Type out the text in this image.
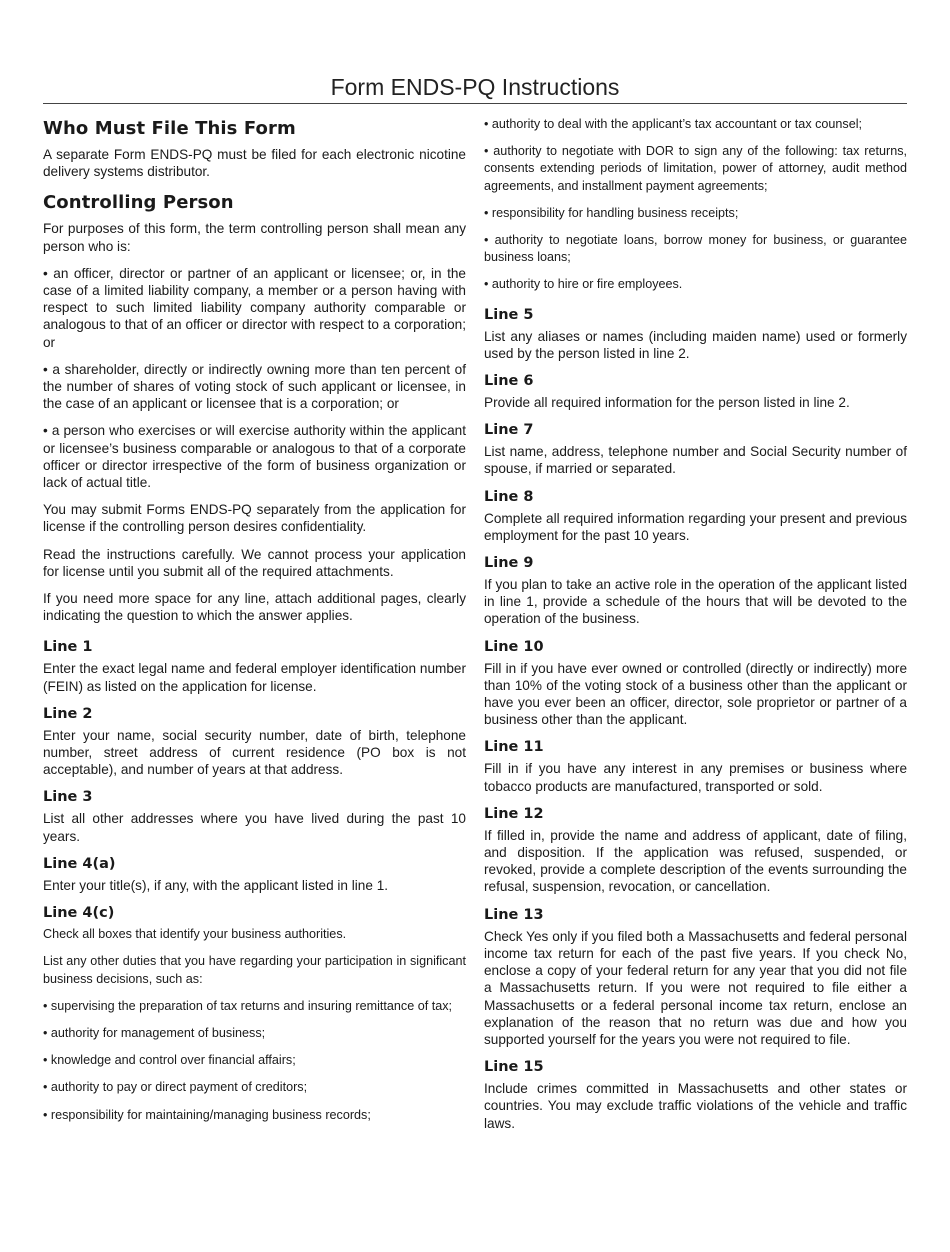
Form ENDS-PQ Instructions
Who Must File This Form

A separate Form ENDS-PQ must be filed for each electronic nicotine delivery systems distributor.

Controlling Person

For purposes of this form, the term controlling person shall mean any person who is:

• an officer, director or partner of an applicant or licensee; or, in the case of a limited liability company, a member or a person having with respect to such limited liability company authority comparable or analogous to that of an officer or director with respect to a corporation; or

• a shareholder, directly or indirectly owning more than ten percent of the number of shares of voting stock of such applicant or licensee, in the case of an applicant or licensee that is a corporation; or

• a person who exercises or will exercise authority within the applicant or licensee’s business comparable or analogous to that of a corporate officer or director irrespective of the form of business organization or lack of actual title.

You may submit Forms ENDS-PQ separately from the application for license if the controlling person desires confidentiality.

Read the instructions carefully. We cannot process your application for license until you submit all of the required attachments.

If you need more space for any line, attach additional pages, clearly indicating the question to which the answer applies.

Line 1

Enter the exact legal name and federal employer identification number (FEIN) as listed on the application for license.

Line 2

Enter your name, social security number, date of birth, telephone number, street address of current residence (PO box is not acceptable), and number of years at that address.

Line 3

List all other addresses where you have lived during the past 10 years.

Line 4(a)

Enter your title(s), if any, with the applicant listed in line 1.

Line 4(c)

Check all boxes that identify your business authorities.

List any other duties that you have regarding your participation in significant business decisions, such as:

• supervising the preparation of tax returns and insuring remittance of tax;

• authority for management of business;

• knowledge and control over financial affairs;

• authority to pay or direct payment of creditors;

• responsibility for maintaining/managing business records;

• authority to deal with the applicant’s tax accountant or tax counsel;

• authority to negotiate with DOR to sign any of the following: tax returns, consents extending periods of limitation, power of attorney, audit method agreements, and installment payment agreements;

• responsibility for handling business receipts;

• authority to negotiate loans, borrow money for business, or guarantee business loans;

• authority to hire or fire employees.

Line 5

List any aliases or names (including maiden name) used or formerly used by the person listed in line 2.

Line 6

Provide all required information for the person listed in line 2.

Line 7

List name, address, telephone number and Social Security number of spouse, if married or separated.

Line 8

Complete all required information regarding your present and previous employment for the past 10 years.

Line 9

If you plan to take an active role in the operation of the applicant listed in line 1, provide a schedule of the hours that will be devoted to the operation of the business.

Line 10

Fill in if you have ever owned or controlled (directly or indirectly) more than 10% of the voting stock of a business other than the applicant or have you ever been an officer, director, sole proprietor or partner of a business other than the applicant.

Line 11

Fill in if you have any interest in any premises or business where tobacco products are manufactured, transported or sold.

Line 12

If filled in, provide the name and address of applicant, date of filing, and disposition. If the application was refused, suspended, or revoked, provide a complete description of the events surrounding the refusal, suspension, revocation, or cancellation.

Line 13

Check Yes only if you filed both a Massachusetts and federal personal income tax return for each of the past five years. If you check No, enclose a copy of your federal return for any year that you did not file a Massachusetts return. If you were not required to file either a Massachusetts or a federal personal income tax return, enclose an explanation of the reason that no return was due and how you supported yourself for the years you were not required to file.

Line 15

Include crimes committed in Massachusetts and other states or countries. You may exclude traffic violations of the vehicle and traffic laws.
